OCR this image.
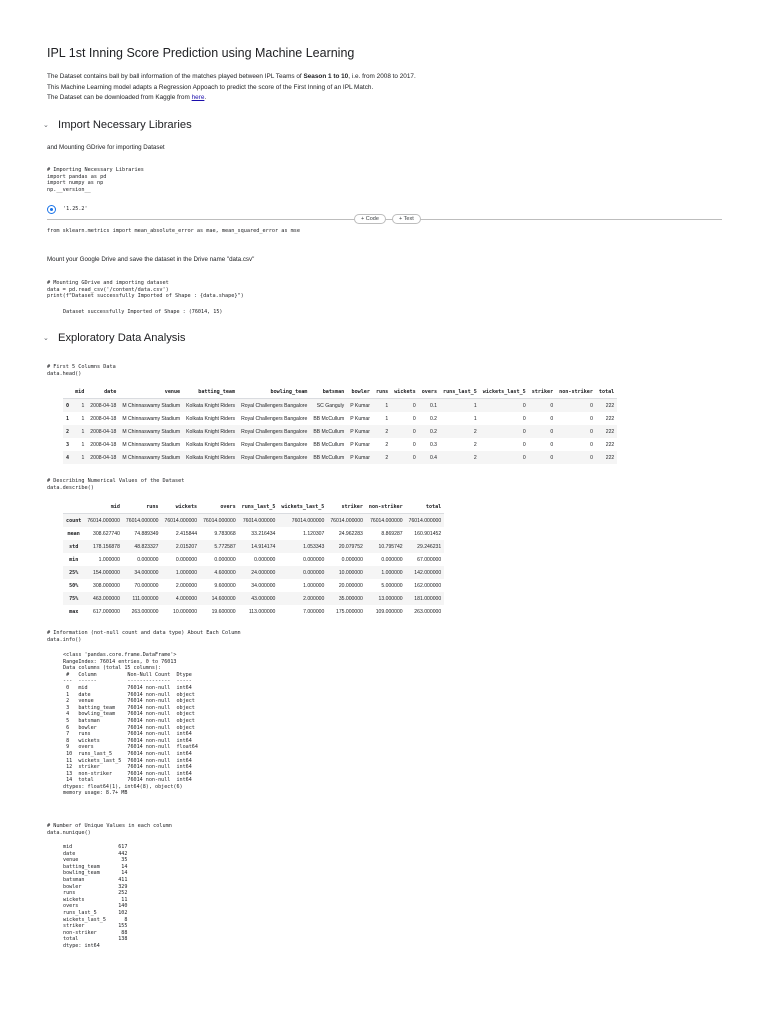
IPL 1st Inning Score Prediction using Machine Learning
The Dataset contains ball by ball information of the matches played between IPL Teams of Season 1 to 10, i.e. from 2008 to 2017.
This Machine Learning model adapts a Regression Appoach to predict the score of the First Inning of an IPL Match.
The Dataset can be downloaded from Kaggle from here.
⌄ Import Necessary Libraries
and Mounting GDrive for importing Dataset
# Importing Necessary Libraries
import pandas as pd
import numpy as np
np.__version__
'1.25.2'
+ Code	+ Text
from sklearn.metrics import mean_absolute_error as mae, mean_squared_error as mse
Mount your Google Drive and save the dataset in the Drive name "data.csv"
# Mounting GDrive and importing dataset
data = pd.read_csv('/content/data.csv')
print(f"Dataset successfully Imported of Shape : {data.shape}")
Dataset successfully Imported of Shape : (76014, 15)
⌄ Exploratory Data Analysis
# First 5 Columns Data
data.head()
	mid	date	venue	batting_team	bowling_team	batsman	bowler	runs	wickets	overs	runs_last_5	wickets_last_5	striker	non-striker	total
0	1	2008-04-18	M Chinnaswamy Stadium	Kolkata Knight Riders	Royal Challengers Bangalore	SC Ganguly	P Kumar	1	0	0.1	1	0	0	0	222
1	1	2008-04-18	M Chinnaswamy Stadium	Kolkata Knight Riders	Royal Challengers Bangalore	BB McCullum	P Kumar	1	0	0.2	1	0	0	0	222
2	1	2008-04-18	M Chinnaswamy Stadium	Kolkata Knight Riders	Royal Challengers Bangalore	BB McCullum	P Kumar	2	0	0.2	2	0	0	0	222
3	1	2008-04-18	M Chinnaswamy Stadium	Kolkata Knight Riders	Royal Challengers Bangalore	BB McCullum	P Kumar	2	0	0.3	2	0	0	0	222
4	1	2008-04-18	M Chinnaswamy Stadium	Kolkata Knight Riders	Royal Challengers Bangalore	BB McCullum	P Kumar	2	0	0.4	2	0	0	0	222
# Describing Numerical Values of the Dataset
data.describe()
	mid	runs	wickets	overs	runs_last_5	wickets_last_5	striker	non-striker	total
count	76014.000000	76014.000000	76014.000000	76014.000000	76014.000000	76014.000000	76014.000000	76014.000000	76014.000000
mean	308.627740	74.889349	2.415844	9.783068	33.216434	1.120307	24.962283	8.869287	160.901452
std	178.156878	48.823327	2.015207	5.772587	14.914174	1.053343	20.079752	10.795742	29.246231
min	1.000000	0.000000	0.000000	0.000000	0.000000	0.000000	0.000000	0.000000	67.000000
25%	154.000000	34.000000	1.000000	4.600000	24.000000	0.000000	10.000000	1.000000	142.000000
50%	308.000000	70.000000	2.000000	9.600000	34.000000	1.000000	20.000000	5.000000	162.000000
75%	463.000000	111.000000	4.000000	14.600000	43.000000	2.000000	35.000000	13.000000	181.000000
max	617.000000	263.000000	10.000000	19.600000	113.000000	7.000000	175.000000	109.000000	263.000000
# Information (not-null count and data type) About Each Column
data.info()
<class 'pandas.core.frame.DataFrame'>
RangeIndex: 76014 entries, 0 to 76013
Data columns (total 15 columns):
#   Column          Non-Null Count  Dtype
---  ------          --------------  -----
0   mid             76014 non-null  int64
1   date            76014 non-null  object
2   venue           76014 non-null  object
3   batting_team    76014 non-null  object
4   bowling_team    76014 non-null  object
5   batsman         76014 non-null  object
6   bowler          76014 non-null  object
7   runs            76014 non-null  int64
8   wickets         76014 non-null  int64
9   overs           76014 non-null  float64
10  runs_last_5     76014 non-null  int64
11  wickets_last_5  76014 non-null  int64
12  striker         76014 non-null  int64
13  non-striker     76014 non-null  int64
14  total           76014 non-null  int64
dtypes: float64(1), int64(8), object(6)
memory usage: 8.7+ MB
# Number of Unique Values in each column
data.nunique()
mid               617
date              442
venue              35
batting_team       14
bowling_team       14
batsman           411
bowler            329
runs              252
wickets            11
overs             140
runs_last_5       102
wickets_last_5      8
striker           155
non-striker        88
total             138
dtype: int64
